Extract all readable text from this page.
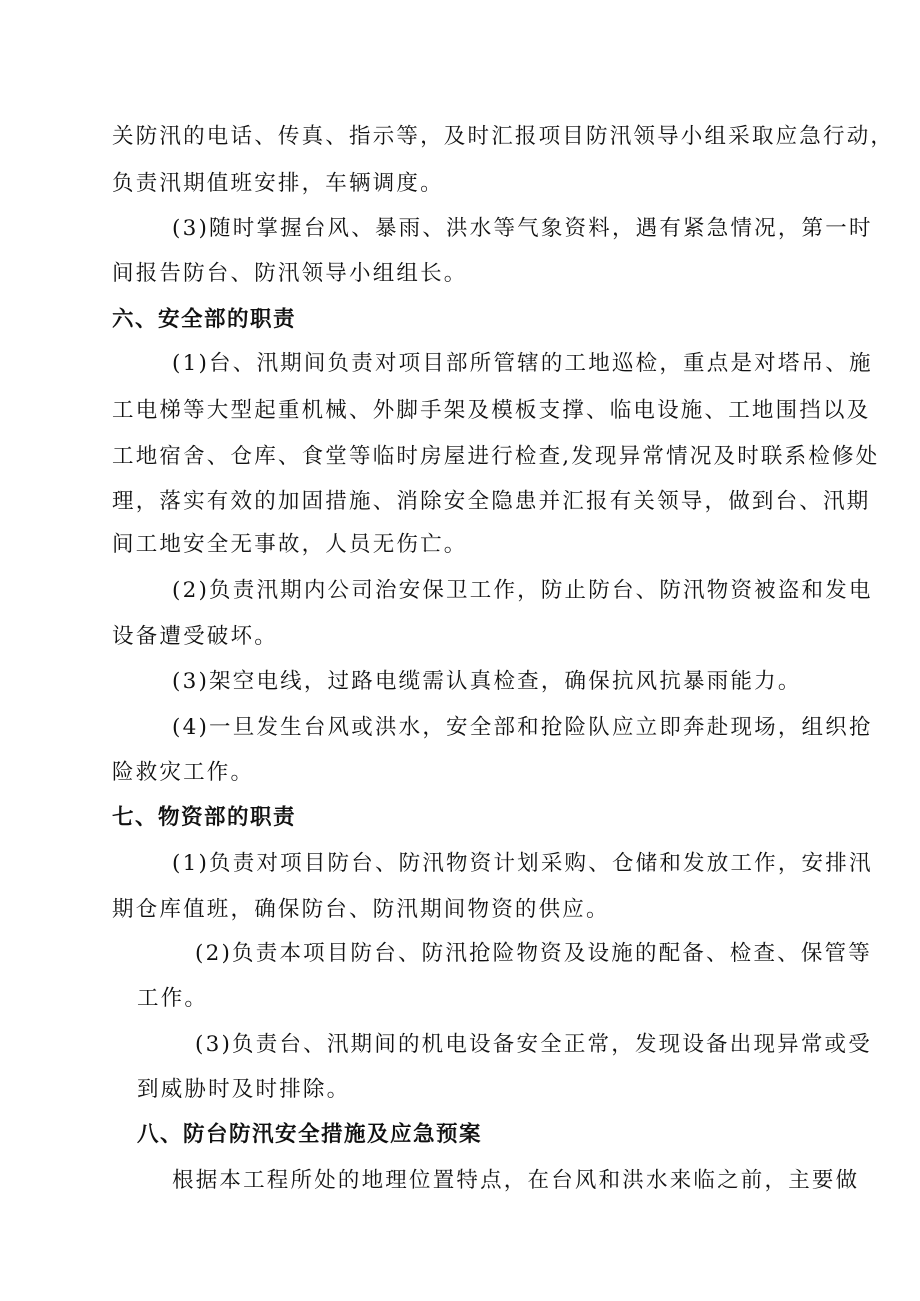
关防汛的电话、传真、指示等，及时汇报项目防汛领导小组采取应急行动，
负责汛期值班安排，车辆调度。
(3)随时掌握台风、暴雨、洪水等气象资料，遇有紧急情况，第一时
间报告防台、防汛领导小组组长。
六、安全部的职责
(1)台、汛期间负责对项目部所管辖的工地巡检，重点是对塔吊、施
工电梯等大型起重机械、外脚手架及模板支撑、临电设施、工地围挡以及
工地宿舍、仓库、食堂等临时房屋进行检查,发现异常情况及时联系检修处
理，落实有效的加固措施、消除安全隐患并汇报有关领导，做到台、汛期
间工地安全无事故，人员无伤亡。
(2)负责汛期内公司治安保卫工作，防止防台、防汛物资被盗和发电
设备遭受破坏。
(3)架空电线，过路电缆需认真检查，确保抗风抗暴雨能力。
(4)一旦发生台风或洪水，安全部和抢险队应立即奔赴现场，组织抢
险救灾工作。
七、物资部的职责
(1)负责对项目防台、防汛物资计划采购、仓储和发放工作，安排汛
期仓库值班，确保防台、防汛期间物资的供应。
(2)负责本项目防台、防汛抢险物资及设施的配备、检查、保管等
工作。
(3)负责台、汛期间的机电设备安全正常，发现设备出现异常或受
到威胁时及时排除。
八、防台防汛安全措施及应急预案
根据本工程所处的地理位置特点，在台风和洪水来临之前，主要做
